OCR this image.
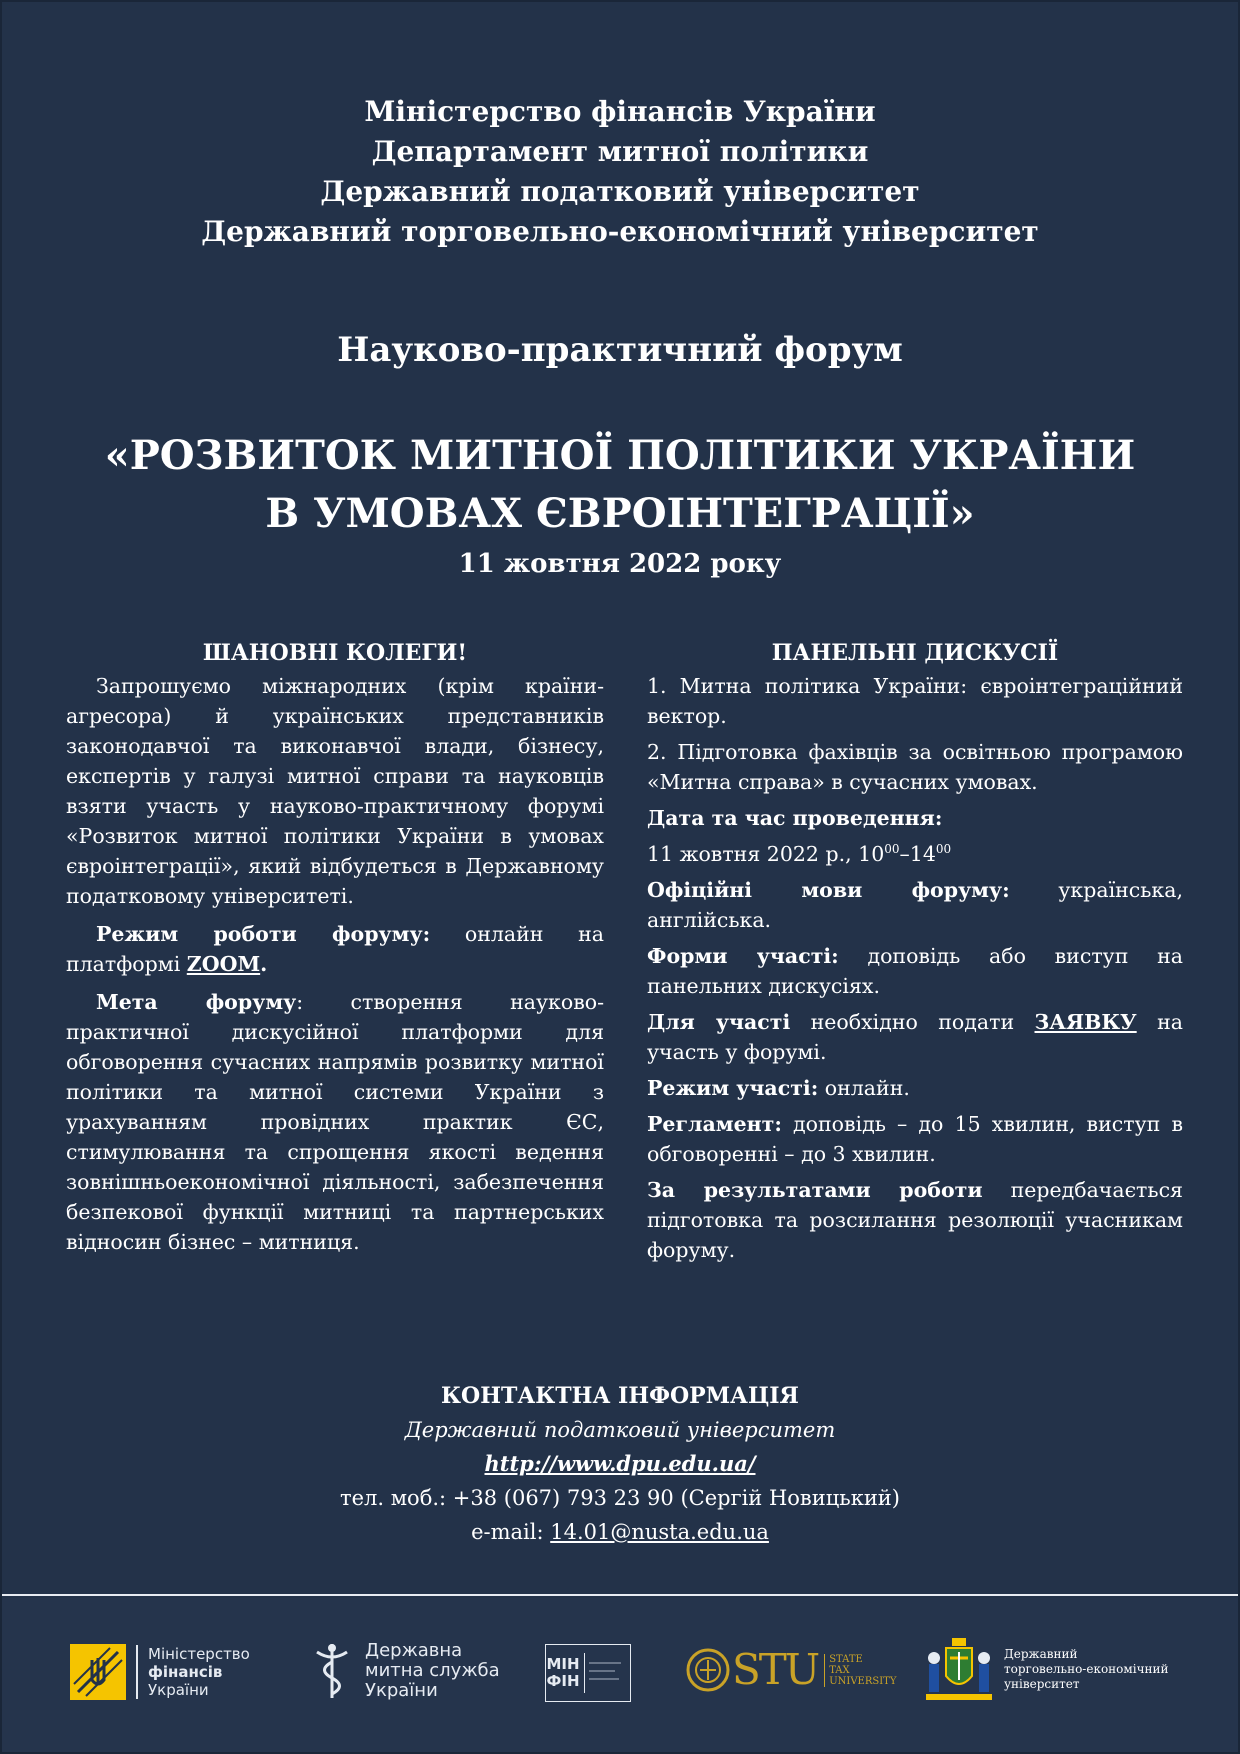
Міністерство фінансів України
Департамент митної політики
Державний податковий університет
Державний торговельно-економічний університет
Науково-практичний форум
«РОЗВИТОК МИТНОЇ ПОЛІТИКИ УКРАЇНИ
В УМОВАХ ЄВРОІНТЕГРАЦІЇ»
11 жовтня 2022 року
ШАНОВНІ КОЛЕГИ!

Запрошуємо міжнародних (крім країни-агресора) й українських представників законодавчої та виконавчої влади, бізнесу, експертів у галузі митної справи та науковців взяти участь у науково-практичному форумі «Розвиток митної політики України в умовах євроінтеграції», який відбудеться в Державному податковому університеті.

Режим роботи форуму: онлайн на платформі ZOOM.

Мета форуму: створення науково-практичної дискусійної платформи для обговорення сучасних напрямів розвитку митної політики та митної системи України з урахуванням провідних практик ЄС, стимулювання та спрощення якості ведення зовнішньоекономічної діяльності, забезпечення безпекової функції митниці та партнерських відносин бізнес – митниця.

ПАНЕЛЬНІ ДИСКУСІЇ

1. Митна політика України: євроінтеграційний вектор.

2. Підготовка фахівців за освітньою програмою «Митна справа» в сучасних умовах.

Дата та час проведення:

11 жовтня 2022 р., $10^{00}-14^{00}$

Офіційні мови форуму: українська, англійська.

Форми участі: доповідь або виступ на панельних дискусіях.

Для участі необхідно подати ЗАЯВКУ на участь у форумі.

Режим участі: онлайн.

Регламент: доповідь – до 15 хвилин, виступ в обговоренні – до 3 хвилин.

За результатами роботи передбачається підготовка та розсилання резолюції учасникам форуму.

КОНТАКТНА ІНФОРМАЦІЯ
Державний податковий університет
http://www.dpu.edu.ua/
тел. моб.: +38 (067) 793 23 90 (Сергій Новицький)
e-mail: 14.01@nusta.edu.ua
Міністерство
фінансів
України
Державна
митна служба
України
МІН ФІН	STU STATE
TAX
UNIVERSITY
Державний
торговельно-економічний
університет
